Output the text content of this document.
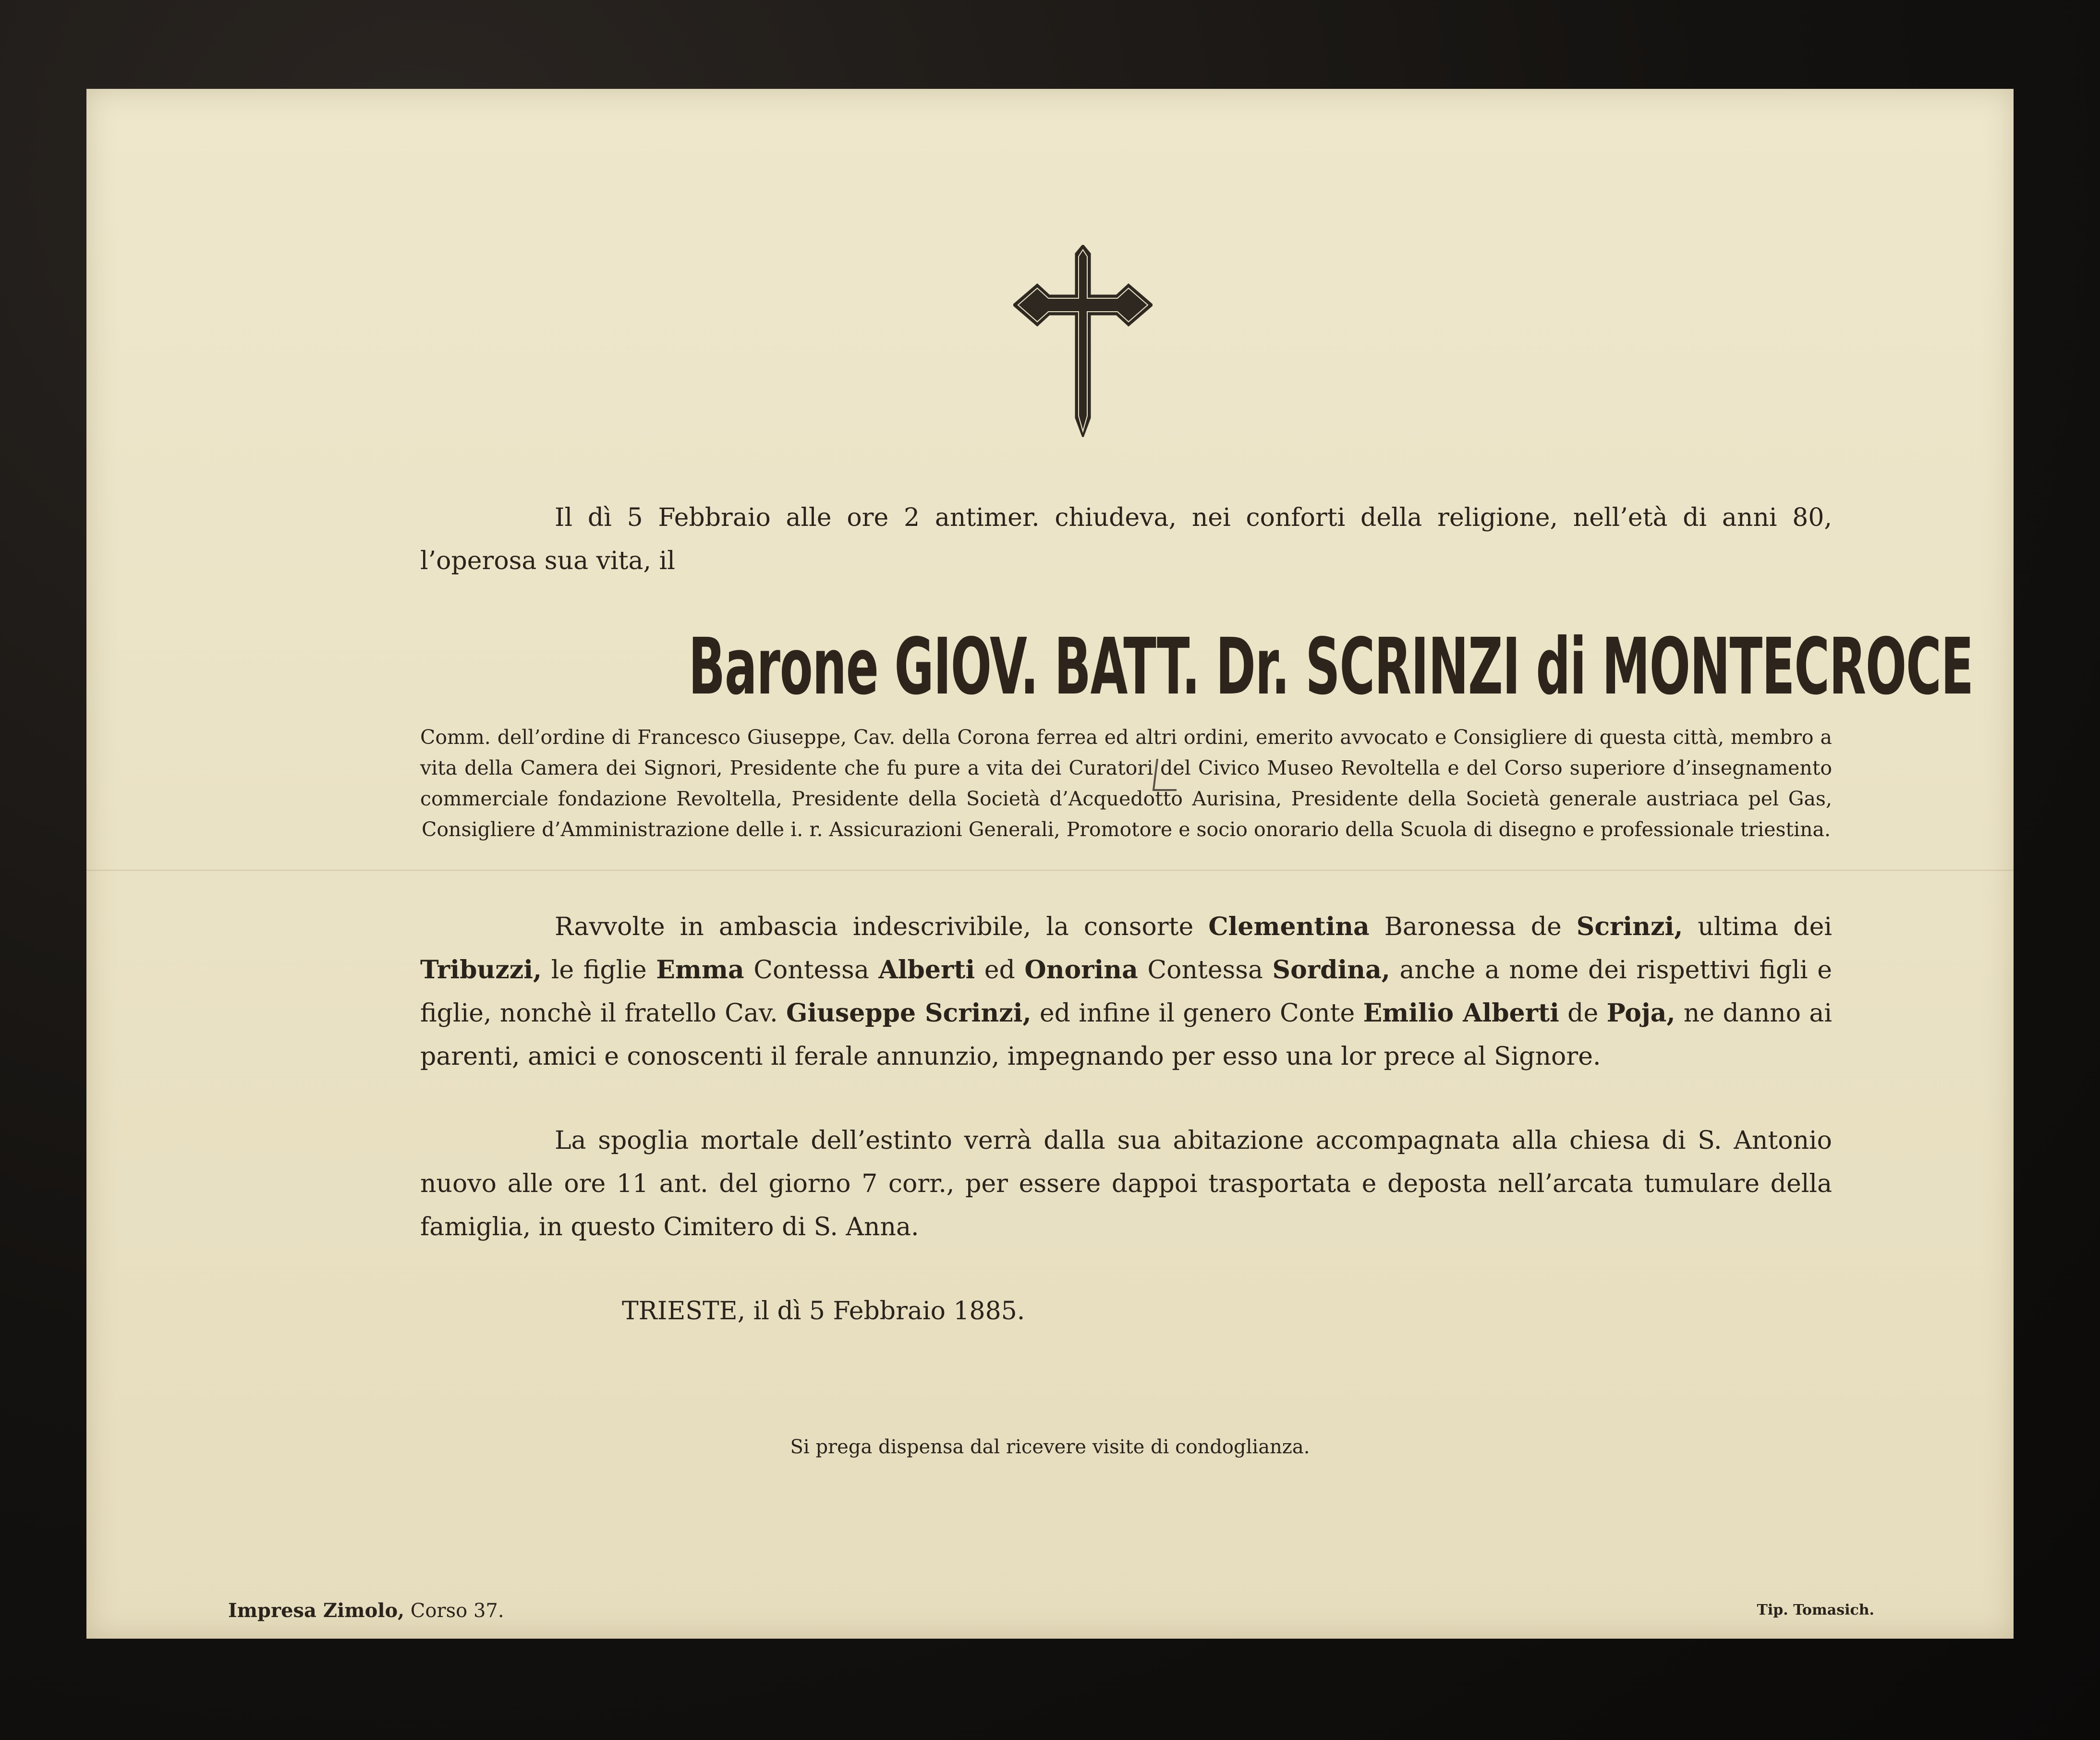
Il dì 5 Febbraio alle ore 2 antimer. chiudeva, nei conforti della religione, nell’età di anni 80, l’operosa sua vita, il
Barone GIOV. BATT. Dr. SCRINZI di MONTECROCE
Comm. dell’ordine di Francesco Giuseppe, Cav. della Corona ferrea ed altri ordini, emerito avvocato e Consigliere di questa città, membro a vita della Camera dei Signori, Presidente che fu pure a vita dei Curatori del Civico Museo Revoltella e del Corso superiore d’insegnamento commerciale fondazione Revoltella, Presidente della Società d’Acquedotto Aurisina, Presidente della Società generale austriaca pel Gas, Consigliere d’Amministrazione delle i. r. Assicurazioni Generali, Promotore e socio onorario della Scuola di disegno e professionale triestina.
Ravvolte in ambascia indescrivibile, la consorte Clementina Baronessa de Scrinzi, ultima dei Tribuzzi, le figlie Emma Contessa Alberti ed Onorina Contessa Sordina, anche a nome dei rispettivi figli e figlie, nonchè il fratello Cav. Giuseppe Scrinzi, ed infine il genero Conte Emilio Alberti de Poja, ne danno ai parenti, amici e conoscenti il ferale annunzio, impegnando per esso una lor prece al Signore.
La spoglia mortale dell’estinto verrà dalla sua abitazione accompagnata alla chiesa di S. Antonio nuovo alle ore 11 ant. del giorno 7 corr., per essere dappoi trasportata e deposta nell’arcata tumulare della famiglia, in questo Cimitero di S. Anna.
TRIESTE, il dì 5 Febbraio 1885.
Si prega dispensa dal ricevere visite di condoglianza.
Impresa Zimolo, Corso 37.	Tip. Tomasich.
